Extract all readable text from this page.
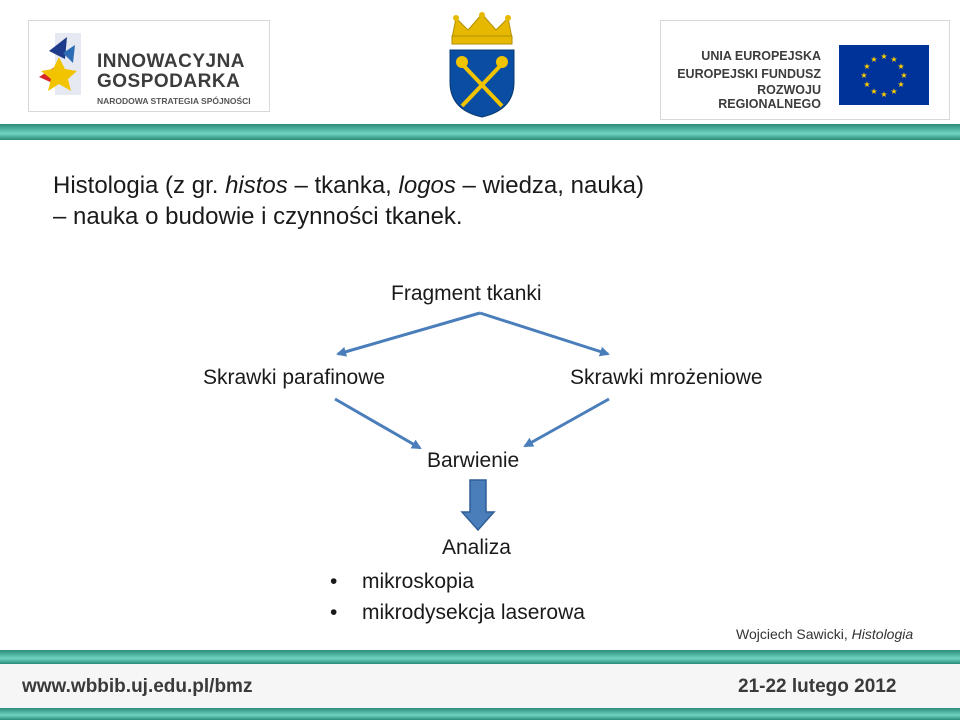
INNOWACYJNA
GOSPODARKA
NARODOWA STRATEGIA SPÓJNOŚCI
UNIA EUROPEJSKA
EUROPEJSKI FUNDUSZ
ROZWOJU REGIONALNEGO
★ ★
★
★
★
★
★
★
★
★
★
★
Histologia (z gr. histos – tkanka, logos – wiedza, nauka)
– nauka o budowie i czynności tkanek.
Fragment tkanki
Skrawki parafinowe	Skrawki mrożeniowe
Barwienie
Analiza
• mikroskopia
• mikrodysekcja laserowa
Wojciech Sawicki, Histologia
www.wbbib.uj.edu.pl/bmz	21-22 lutego 2012
